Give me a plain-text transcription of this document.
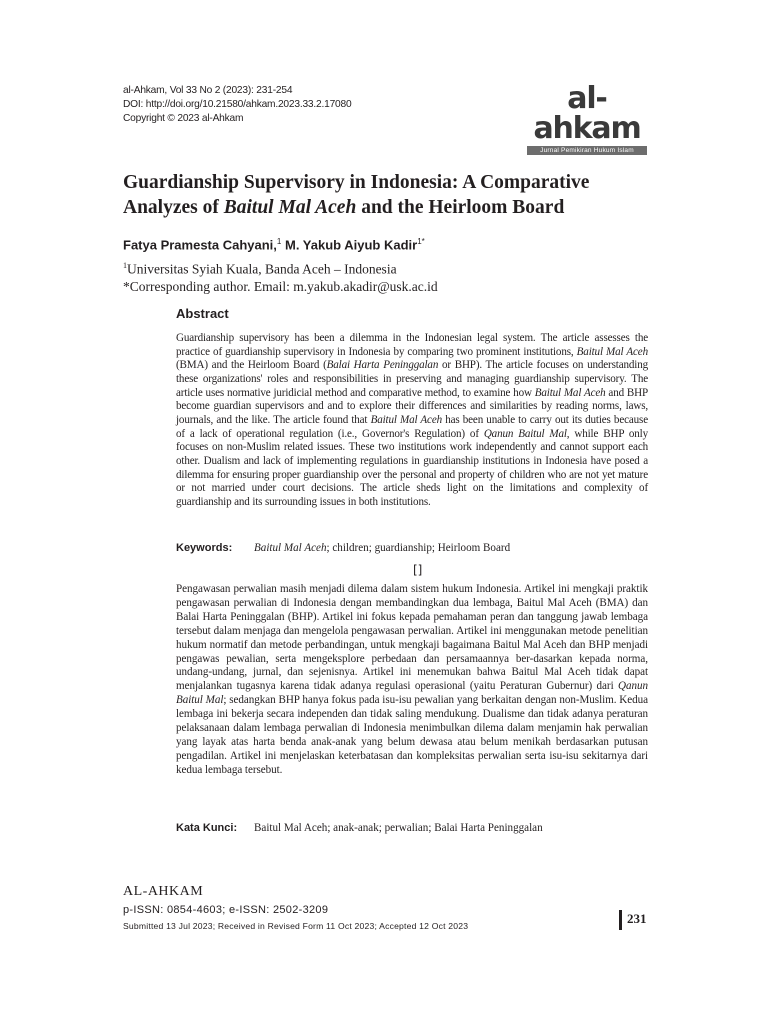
al-Ahkam, Vol 33 No 2 (2023): 231-254
DOI: http://doi.org/10.21580/ahkam.2023.33.2.17080
Copyright © 2023 al-Ahkam
al-ahkam
Jurnal Pemikiran Hukum Islam
Guardianship Supervisory in Indonesia: A Comparative
Analyzes of Baitul Mal Aceh and the Heirloom Board
Fatya Pramesta Cahyani,$^1$ M. Yakub Aiyub Kadir$^{1*}$
$^1$Universitas Syiah Kuala, Banda Aceh – Indonesia
*Corresponding author. Email: m.yakub.akadir@usk.ac.id
Abstract
Guardianship supervisory has been a dilemma in the Indonesian legal system. The article assesses the practice of guardianship supervisory in Indonesia by comparing two prominent institutions, Baitul Mal Aceh (BMA) and the Heirloom Board (Balai Harta Peninggalan or BHP). The article focuses on understanding these organizations' roles and responsibilities in preserving and managing guardianship supervisory. The article uses normative juridicial method and comparative method, to examine how Baitul Mal Aceh and BHP become guardian supervisors and and to explore their differences and similarities by reading norms, laws, journals, and the like. The article found that Baitul Mal Aceh has been unable to carry out its duties because of a lack of operational regulation (i.e., Governor's Regulation) of Qanun Baitul Mal, while BHP only focuses on non-Muslim related issues. These two institutions work independently and cannot support each other. Dualism and lack of implementing regulations in guardianship institutions in Indonesia have posed a dilemma for ensuring proper guardianship over the personal and property of children who are not yet mature or not married under court decisions. The article sheds light on the limitations and complexity of guardianship and its surrounding issues in both institutions.
Keywords: Baitul Mal Aceh; children; guardianship; Heirloom Board
[]
Pengawasan perwalian masih menjadi dilema dalam sistem hukum Indonesia. Artikel ini mengkaji praktik pengawasan perwalian di Indonesia dengan membandingkan dua lembaga, Baitul Mal Aceh (BMA) dan Balai Harta Peninggalan (BHP). Artikel ini fokus kepada pemahaman peran dan tanggung jawab lembaga tersebut dalam menjaga dan mengelola pengawasan perwalian. Artikel ini menggunakan metode penelitian hukum normatif dan metode perbandingan, untuk mengkaji bagaimana Baitul Mal Aceh dan BHP menjadi pengawas pewalian, serta mengeksplore perbedaan dan persamaannya ber-dasarkan kepada norma, undang-undang, jurnal, dan sejenisnya. Artikel ini menemukan bahwa Baitul Mal Aceh tidak dapat menjalankan tugasnya karena tidak adanya regulasi operasional (yaitu Peraturan Gubernur) dari Qanun Baitul Mal; sedangkan BHP hanya fokus pada isu-isu pewalian yang berkaitan dengan non-Muslim. Kedua lembaga ini bekerja secara independen dan tidak saling mendukung. Dualisme dan tidak adanya peraturan pelaksanaan dalam lembaga perwalian di Indonesia menimbulkan dilema dalam menjamin hak perwalian yang layak atas harta benda anak-anak yang belum dewasa atau belum menikah berdasarkan putusan pengadilan. Artikel ini menjelaskan keterbatasan dan kompleksitas perwalian serta isu-isu sekitarnya dari kedua lembaga tersebut.
Kata Kunci: Baitul Mal Aceh; anak-anak; perwalian; Balai Harta Peninggalan
AL-AHKAM
p-ISSN: 0854-4603; e-ISSN: 2502-3209
Submitted 13 Jul 2023; Received in Revised Form 11 Oct 2023; Accepted 12 Oct 2023	231
